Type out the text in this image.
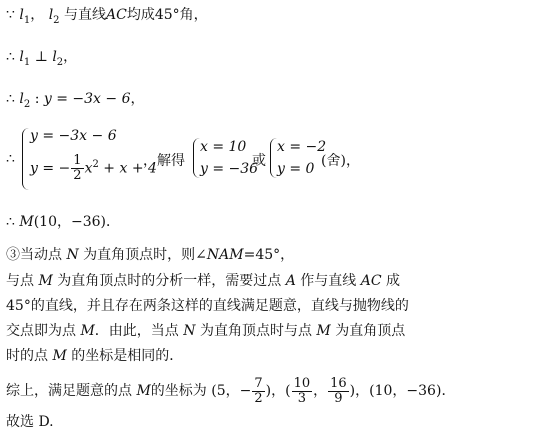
∵ $l_1$， $l_2$ 与直线AC均成45°角，
∴ $l_1$ ⊥ $l_2$，
∴ $l_2$ : y = −3x − 6，
∴
y = −3x − 6
y = − $\frac{1}{2} x^2 + x + 4$
，解得
x = 10
y = −36
或
x = −2
y = 0 (舍)，
∴ M(10，−36)．
③当动点 N 为直角顶点时，则∠NAM=45°，
与点 M 为直角顶点时的分析一样，需要过点 A 作与直线 AC 成
45°的直线，并且存在两条这样的直线满足题意，直线与抛物线的
交点即为点 M．由此，当点 N 为直角顶点时与点 M 为直角顶点
时的点 M 的坐标是相同的．
综上，满足题意的点 M的坐标为 (5，− $\frac{7}{2}$ )，( $\frac{10}{3}$ ， $\frac{16}{9}$ )，(10，−36)．
故选 D.
